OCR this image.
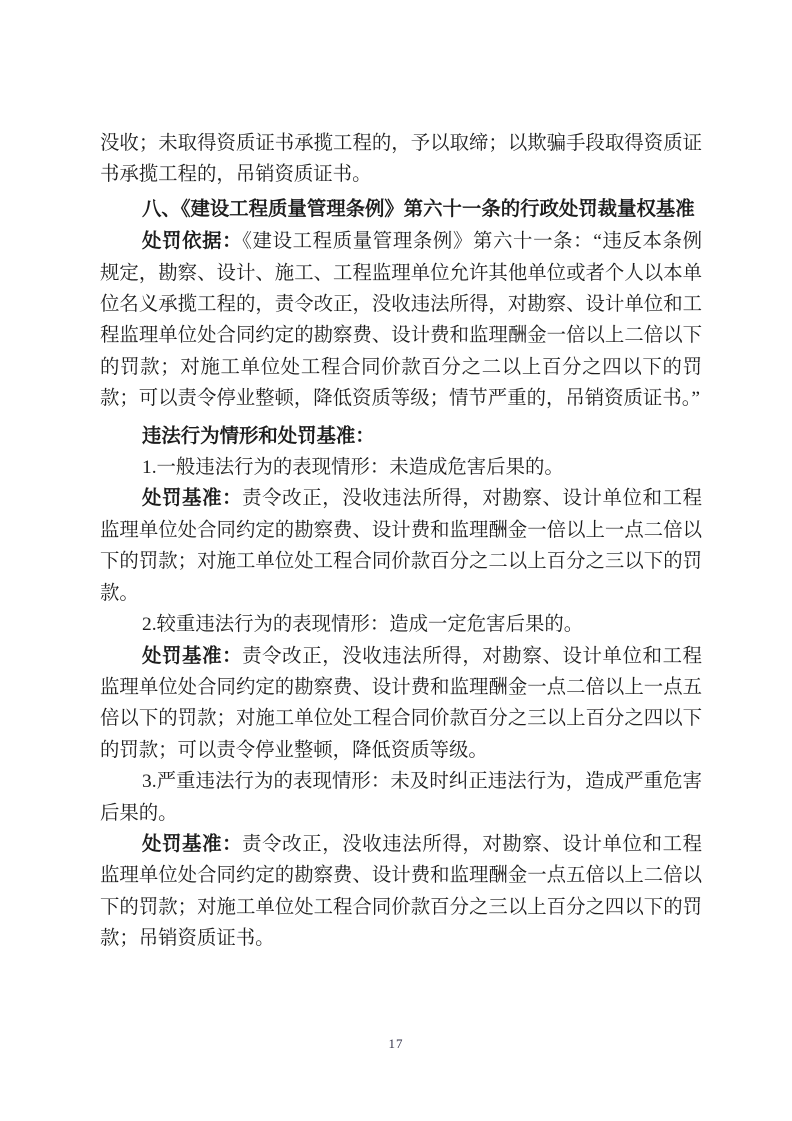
没收；未取得资质证书承揽工程的，予以取缔；以欺骗手段取得资质证书承揽工程的，吊销资质证书。

八、《建设工程质量管理条例》第六十一条的行政处罚裁量权基准

处罚依据：《建设工程质量管理条例》第六十一条：“违反本条例规定，勘察、设计、施工、工程监理单位允许其他单位或者个人以本单位名义承揽工程的，责令改正，没收违法所得，对勘察、设计单位和工程监理单位处合同约定的勘察费、设计费和监理酬金一倍以上二倍以下的罚款；对施工单位处工程合同价款百分之二以上百分之四以下的罚款；可以责令停业整顿，降低资质等级；情节严重的，吊销资质证书。”

违法行为情形和处罚基准：

1.一般违法行为的表现情形：未造成危害后果的。

处罚基准：责令改正，没收违法所得，对勘察、设计单位和工程监理单位处合同约定的勘察费、设计费和监理酬金一倍以上一点二倍以下的罚款；对施工单位处工程合同价款百分之二以上百分之三以下的罚款。

2.较重违法行为的表现情形：造成一定危害后果的。

处罚基准：责令改正，没收违法所得，对勘察、设计单位和工程监理单位处合同约定的勘察费、设计费和监理酬金一点二倍以上一点五倍以下的罚款；对施工单位处工程合同价款百分之三以上百分之四以下的罚款；可以责令停业整顿，降低资质等级。

3.严重违法行为的表现情形：未及时纠正违法行为，造成严重危害后果的。

处罚基准：责令改正，没收违法所得，对勘察、设计单位和工程监理单位处合同约定的勘察费、设计费和监理酬金一点五倍以上二倍以下的罚款；对施工单位处工程合同价款百分之三以上百分之四以下的罚款；吊销资质证书。

17
